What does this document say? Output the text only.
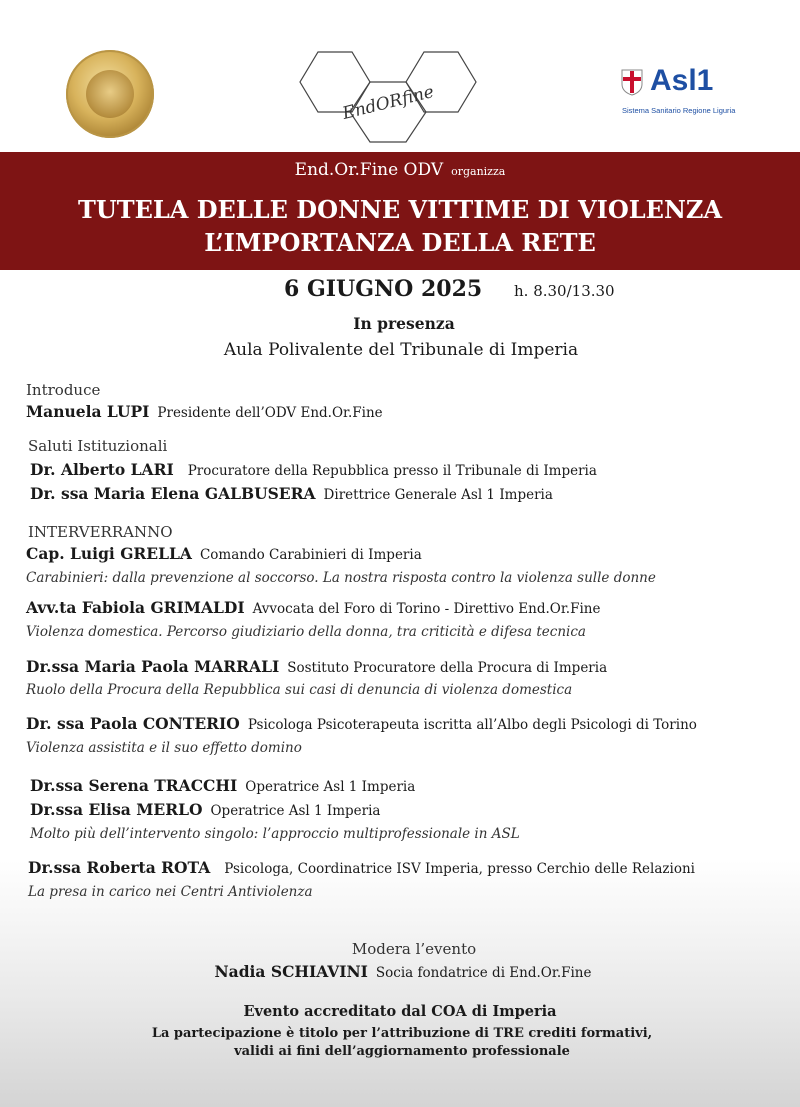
EndORfine
Asl1
Sistema Sanitario Regione Liguria
End.Or.Fine ODV organizza
TUTELA DELLE DONNE VITTIME DI VIOLENZA
L’IMPORTANZA DELLA RETE
6 GIUGNO 2025 h. 8.30/13.30
In presenza
Aula Polivalente del Tribunale di Imperia
Introduce
Manuela LUPI Presidente dell’ODV End.Or.Fine
Saluti Istituzionali
Dr. Alberto LARI Procuratore della Repubblica presso il Tribunale di Imperia
Dr. ssa Maria Elena GALBUSERA Direttrice Generale Asl 1 Imperia
INTERVERRANNO
Cap. Luigi GRELLA Comando Carabinieri di Imperia
Carabinieri: dalla prevenzione al soccorso. La nostra risposta contro la violenza sulle donne
Avv.ta Fabiola GRIMALDI Avvocata del Foro di Torino - Direttivo End.Or.Fine
Violenza domestica. Percorso giudiziario della donna, tra criticità e difesa tecnica
Dr.ssa Maria Paola MARRALI Sostituto Procuratore della Procura di Imperia
Ruolo della Procura della Repubblica sui casi di denuncia di violenza domestica
Dr. ssa Paola CONTERIO Psicologa Psicoterapeuta iscritta all’Albo degli Psicologi di Torino
Violenza assistita e il suo effetto domino
Dr.ssa Serena TRACCHI Operatrice Asl 1 Imperia
Dr.ssa Elisa MERLO Operatrice Asl 1 Imperia
Molto più dell’intervento singolo: l’approccio multiprofessionale in ASL
Dr.ssa Roberta ROTA Psicologa, Coordinatrice ISV Imperia, presso Cerchio delle Relazioni
La presa in carico nei Centri Antiviolenza
Modera l’evento
Nadia SCHIAVINI Socia fondatrice di End.Or.Fine
Evento accreditato dal COA di Imperia
La partecipazione è titolo per l’attribuzione di TRE crediti formativi,
validi ai fini dell’aggiornamento professionale
